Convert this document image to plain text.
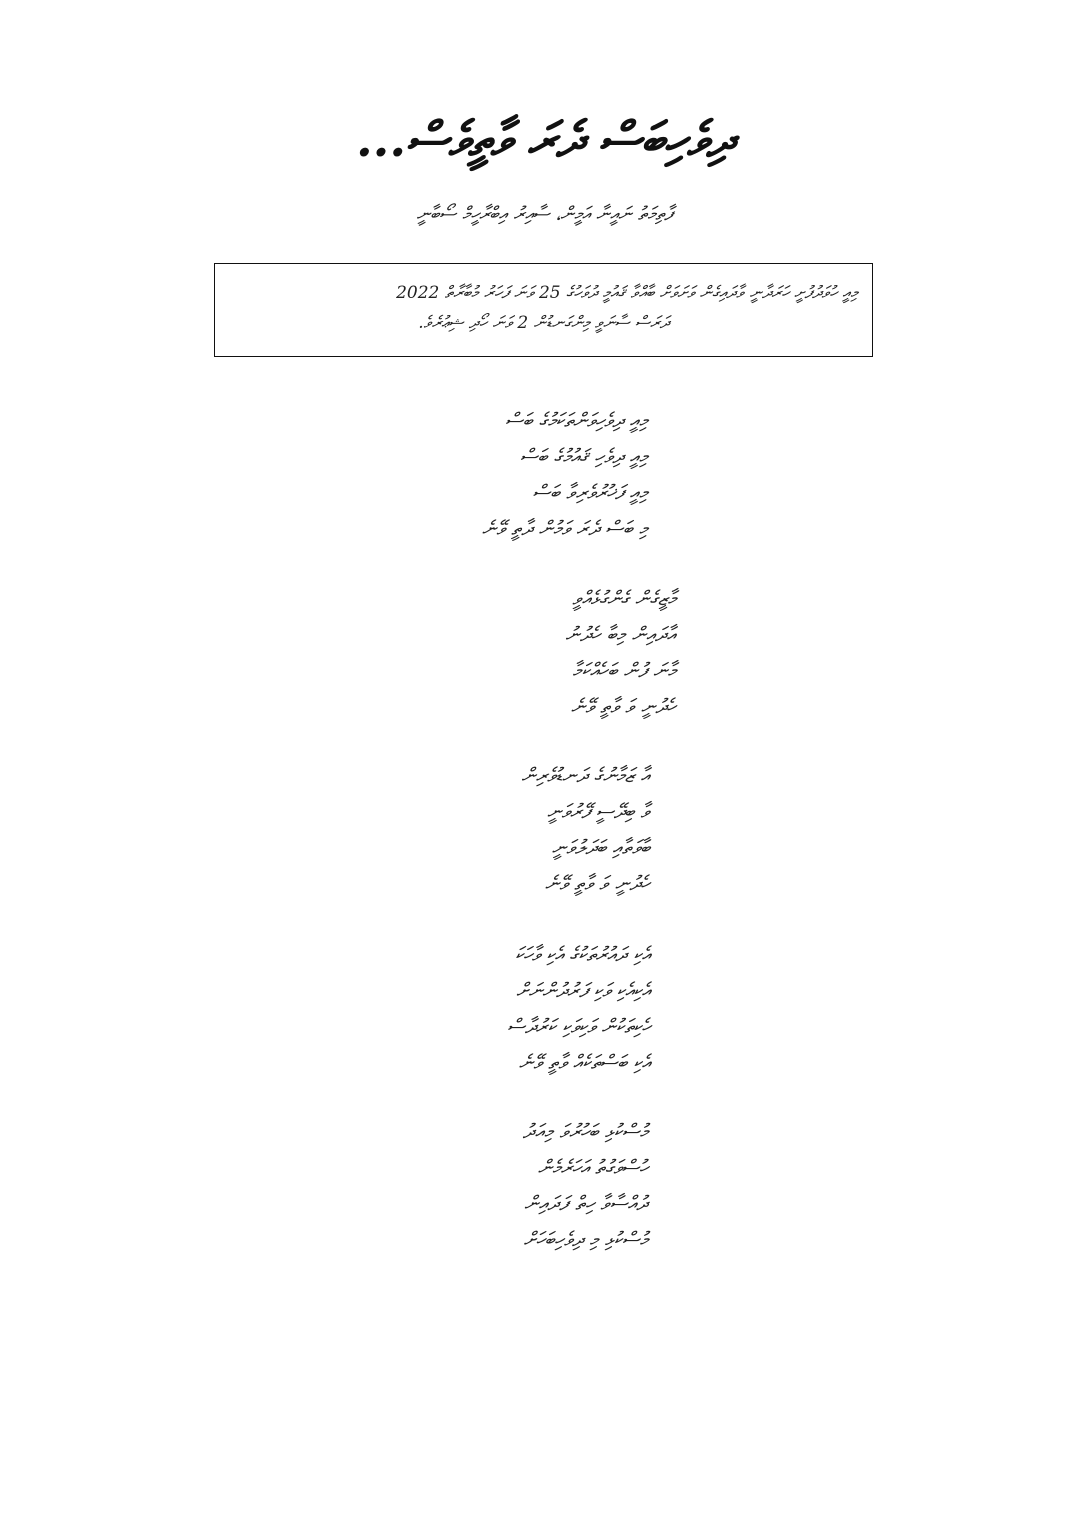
ދިވެހިބަސް ދެރަ ވާތީވެސް...
ފާތިމަތު ނައީނާ އަމީން، ސާއިރު އިބްރާހީމް ސޯބާނީ
މިއީ ހުވަދުފުށީ ހަރަދާނީ ވާދައިގެން ވަށަވަށް ބާއްވާ ޤައުމީ ދުވަހުގެ 25 ވަނަ ފަހަރު މުބާރާތް 2022
ދަރަސް ސާނަވީ މިންގަނޑުން 2 ވަނަ ހޯދި ޝިޢުރެވެ.
މިއީ ދިވެހިވަންތަކަމުގެ ބަސް
މިއީ ދިވެހި ޤައުމުގެ ބަސް
މިއީ ފަޚުރުވެރިވާ ބަސް
މި ބަސް ދެރަ ވަމުން ދާތީ ވޭނެ
މާޒީގެން ގެންގުޅެއްވީ
އާދައިން މިބާ ހެދުނު
މާނަ ފުން ބަހެއްކަމާ
ހެދުނީ ވަ ވާތީ ވޭނެ
އާ ޒަމާނުގެ ދަނޑުވެރިން
ވާ ބިދޭސީ ފޭރުވަނީ
ބާވަތާއި ބަދަލުވަނީ
ހެދުނީ ވަ ވާތީ ވޭނެ
އެކި ދައުރުތަކުގެ އެކި ވާހަކަ
އެކިއެކި ވަކި ފަރުދުންނަށް
ހެކިތަކުން ވަކިވަކި ކަރުދާސް
އެކި ބަސްތަކެއް ވާތީ ވޭނެ
މުސްކުޅި ބަހުރުވަ މިއަދު
ހުސްވަގުތު އަހަރެމެން
ދުއްސާވާ ހިތް ފަދައިން
މުސްކުޅި މި ދިވެހިބަހަށް
